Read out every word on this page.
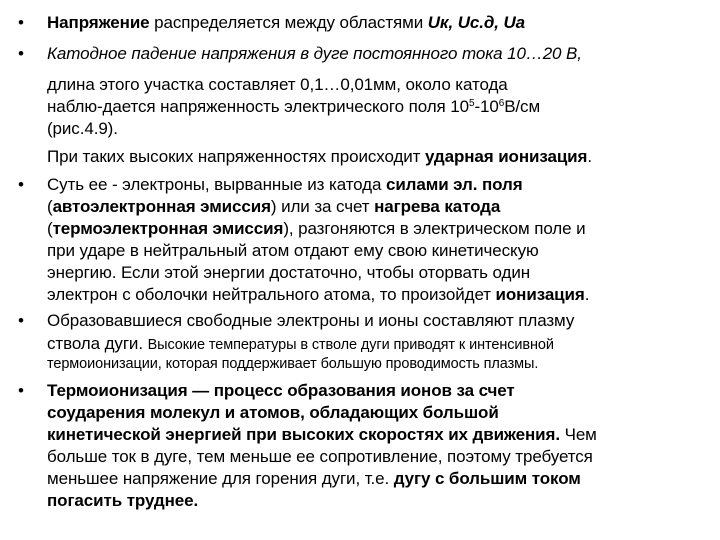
• Напряжение распределяется между областями Uк, Uс.д, Uа
• Катодное падение напряжения в дуге постоянного тока 10…20 В,
длина этого участка составляет 0,1…0,01мм, около катода
наблю-дается напряженность электрического поля $10^5-10^6В/см$
(рис.4.9).
При таких высоких напряженностях происходит ударная ионизация.
• Суть ее - электроны, вырванные из катода силами эл. поля
(автоэлектронная эмиссия) или за счет нагрева катода
(термоэлектронная эмиссия), разгоняются в электрическом поле и
при ударе в нейтральный атом отдают ему свою кинетическую
энергию. Если этой энергии достаточно, чтобы оторвать один
электрон с оболочки нейтрального атома, то произойдет ионизация.
• Образовавшиеся свободные электроны и ионы составляют плазму
ствола дуги. Высокие температуры в стволе дуги приводят к интенсивной
термоионизации, которая поддерживает большую проводимость плазмы.
• Термоионизация — процесс образования ионов за счет
соударения молекул и атомов, обладающих большой
кинетической энергией при высоких скоростях их движения. Чем
больше ток в дуге, тем меньше ее сопротивление, поэтому требуется
меньшее напряжение для горения дуги, т.е. дугу с большим током
погасить труднее.
